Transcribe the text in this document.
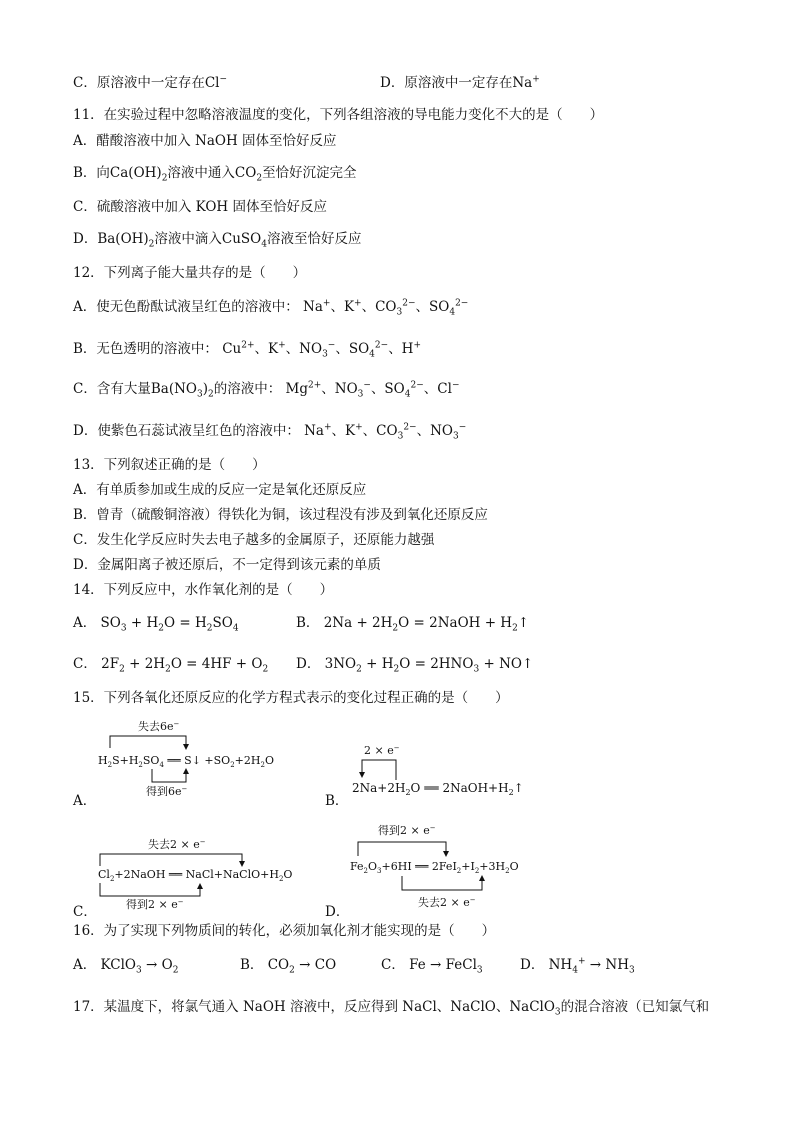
C．原溶液中一定存在Cl−	D．原溶液中一定存在Na+
11．在实验过程中忽略溶液温度的变化，下列各组溶液的导电能力变化不大的是（　　）
A．醋酸溶液中加入 NaOH 固体至恰好反应
B．向$Ca(OH)_2$溶液中通入$CO_2$至恰好沉淀完全
C．硫酸溶液中加入 KOH 固体至恰好反应
D．$Ba(OH)_2$溶液中滴入CuSO$_4$溶液至恰好反应
12．下列离子能大量共存的是（　　）
A．使无色酚酞试液呈红色的溶液中： Na+、K+、$CO_3^{2-}$、$SO_4^{2-}$
B．无色透明的溶液中： $Cu^{2+}$、K+、$NO_3^-$、$SO_4^{2-}$、H+
C．含有大量$Ba(NO_3)_2$的溶液中： $Mg^{2+}$、$NO_3^-$、$SO_4^{2-}$、Cl−
D．使紫色石蕊试液呈红色的溶液中： Na+、K+、$CO_3^{2-}$、$NO_3^-$
13．下列叙述正确的是（　　）
A．有单质参加或生成的反应一定是氧化还原反应
B．曾青（硫酸铜溶液）得铁化为铜，该过程没有涉及到氧化还原反应
C．发生化学反应时失去电子越多的金属原子，还原能力越强
D．金属阳离子被还原后，不一定得到该元素的单质
14．下列反应中，水作氧化剂的是（　　）
A． $SO_3 + H_2O = H_2SO_4$	B． $2Na + 2H_2O$ = 2NaOH + $H_2↑$
C． $2F_2 + 2H_2O = 4HF + O_2$ D． $3NO_2 + H_2O = 2HNO_3$ + NO↑
15．下列各氧化还原反应的化学方程式表示的变化过程正确的是（　　）
失去6e−
$H_2S+H_2SO_4$ ══ S↓ $+SO_2+2H_2O$
得到6e−
A．
2 × e−
$2Na+2H_2O$ ══ $2NaOH+H_2↑$
B．
失去2 × e−
$Cl_2+2NaOH$ ══ $NaCl+NaClO+H_2O$
得到2 × e−
C．
得到2 × e−
$Fe_2O_3+6HI$ ══ $2FeI_2+I_2+3H_2O$
失去2 × e−
D．
16．为了实现下列物质间的转化，必须加氧化剂才能实现的是（　　）
A． KClO$_3$ → $O_2$	B． $CO_2$ → CO	C． Fe → FeCl$_3$	D． $NH_4^+ \to NH_3$
17．某温度下，将氯气通入 NaOH 溶液中，反应得到 NaCl、NaClO、NaClO$_3$的混合溶液（已知氯气和
